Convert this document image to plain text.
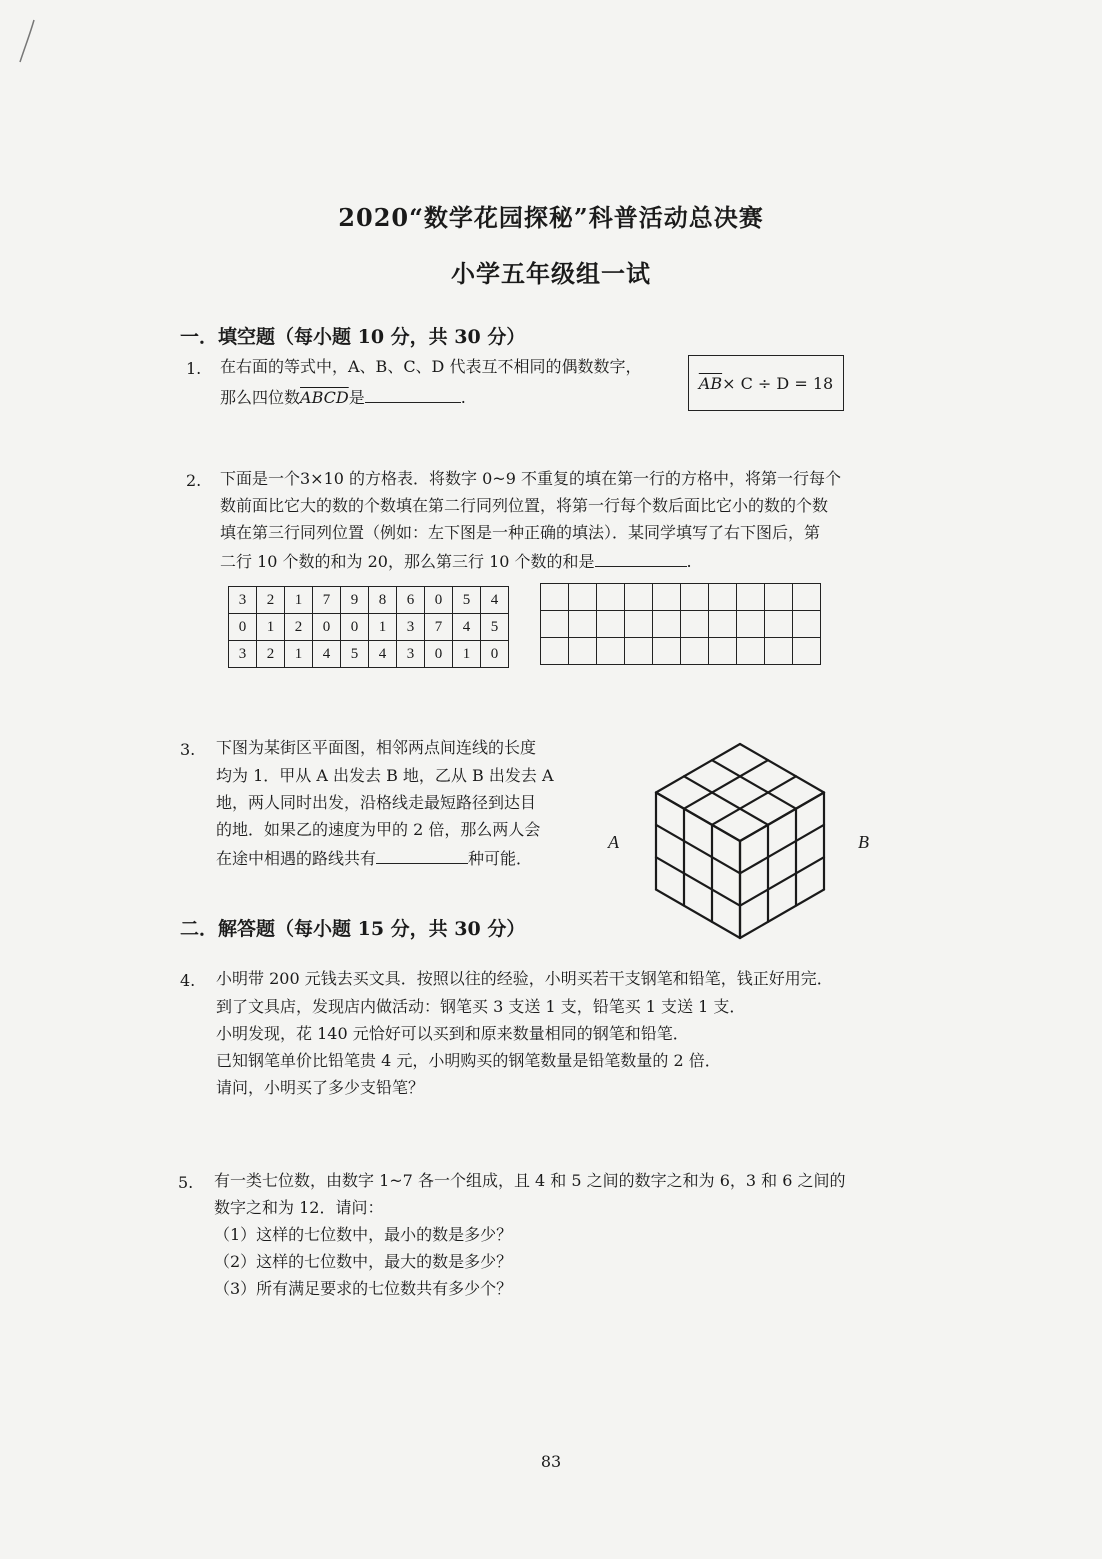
2020“数学花园探秘”科普活动总决赛
小学五年级组一试
一．填空题（每小题 10 分，共 30 分）
1. 在右面的等式中，A、B、C、D 代表互不相同的偶数数字，
那么四位数ABCD是	.
$\overline{AB} \times C \div D = 18$
2. 下面是一个3×10 的方格表．将数字 0~9 不重复的填在第一行的方格中，将第一行每个
数前面比它大的数的个数填在第二行同列位置，将第一行每个数后面比它小的数的个数
填在第三行同列位置（例如：左下图是一种正确的填法）．某同学填写了右下图后，第
二行 10 个数的和为 20，那么第三行 10 个数的和是	.
3	2	1	7	9	8	6	0	5	4
0	1	2	0	0	1	3	7	4	5
3	2	1	4	5	4	3	0	1	0

3. 下图为某街区平面图，相邻两点间连线的长度
均为 1．甲从 A 出发去 B 地，乙从 B 出发去 A
地，两人同时出发，沿格线走最短路径到达目
的地．如果乙的速度为甲的 2 倍，那么两人会
在途中相遇的路线共有	种可能．
A	B
二．解答题（每小题 15 分，共 30 分）
4. 小明带 200 元钱去买文具．按照以往的经验，小明买若干支钢笔和铅笔，钱正好用完．
到了文具店，发现店内做活动：钢笔买 3 支送 1 支，铅笔买 1 支送 1 支．
小明发现，花 140 元恰好可以买到和原来数量相同的钢笔和铅笔．
已知钢笔单价比铅笔贵 4 元，小明购买的钢笔数量是铅笔数量的 2 倍．
请问，小明买了多少支铅笔？
5. 有一类七位数，由数字 1~7 各一个组成，且 4 和 5 之间的数字之和为 6，3 和 6 之间的
数字之和为 12．请问：
（1）这样的七位数中，最小的数是多少？
（2）这样的七位数中，最大的数是多少？
（3）所有满足要求的七位数共有多少个？
83
